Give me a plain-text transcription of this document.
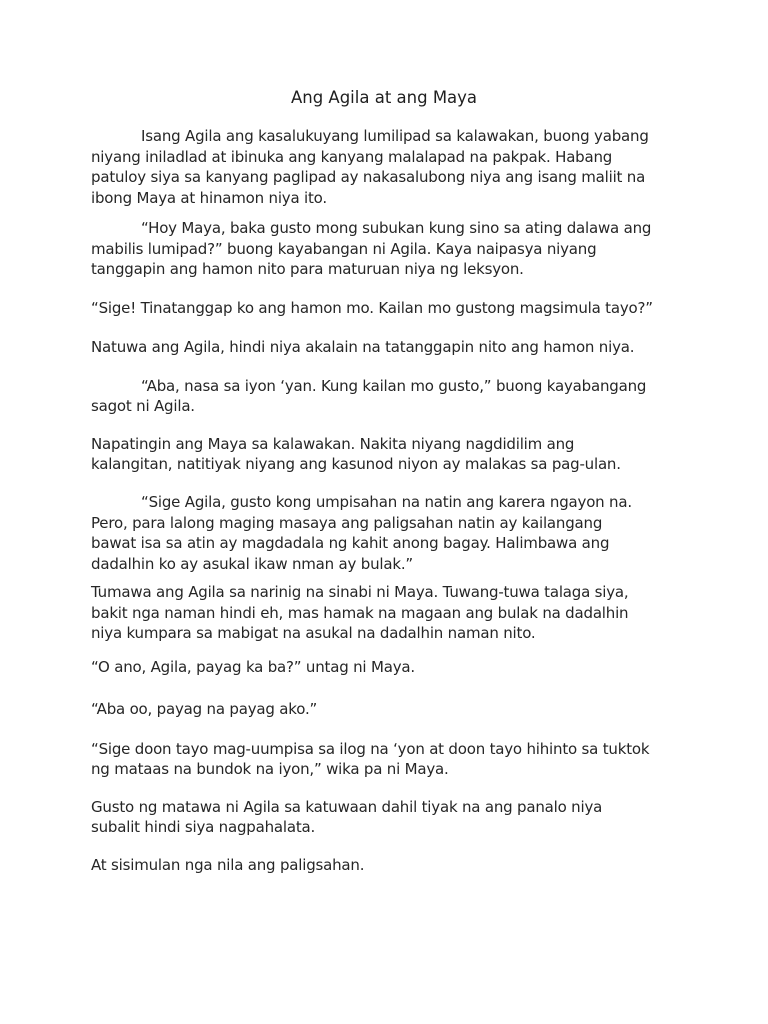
Ang Agila at ang Maya
Isang Agila ang kasalukuyang lumilipad sa kalawakan, buong yabang
niyang iniladlad at ibinuka ang kanyang malalapad na pakpak. Habang
patuloy siya sa kanyang paglipad ay nakasalubong niya ang isang maliit na
ibong Maya at hinamon niya ito.
“Hoy Maya, baka gusto mong subukan kung sino sa ating dalawa ang
mabilis lumipad?” buong kayabangan ni Agila. Kaya naipasya niyang
tanggapin ang hamon nito para maturuan niya ng leksyon.
“Sige! Tinatanggap ko ang hamon mo. Kailan mo gustong magsimula tayo?”
Natuwa ang Agila, hindi niya akalain na tatanggapin nito ang hamon niya.
“Aba, nasa sa iyon ‘yan. Kung kailan mo gusto,” buong kayabangang
sagot ni Agila.
Napatingin ang Maya sa kalawakan. Nakita niyang nagdidilim ang
kalangitan, natitiyak niyang ang kasunod niyon ay malakas sa pag-ulan.
“Sige Agila, gusto kong umpisahan na natin ang karera ngayon na.
Pero, para lalong maging masaya ang paligsahan natin ay kailangang
bawat isa sa atin ay magdadala ng kahit anong bagay. Halimbawa ang
dadalhin ko ay asukal ikaw nman ay bulak.”
Tumawa ang Agila sa narinig na sinabi ni Maya. Tuwang-tuwa talaga siya,
bakit nga naman hindi eh, mas hamak na magaan ang bulak na dadalhin
niya kumpara sa mabigat na asukal na dadalhin naman nito.
“O ano, Agila, payag ka ba?” untag ni Maya.
“Aba oo, payag na payag ako.”
“Sige doon tayo mag-uumpisa sa ilog na ‘yon at doon tayo hihinto sa tuktok
ng mataas na bundok na iyon,” wika pa ni Maya.
Gusto ng matawa ni Agila sa katuwaan dahil tiyak na ang panalo niya
subalit hindi siya nagpahalata.
At sisimulan nga nila ang paligsahan.
